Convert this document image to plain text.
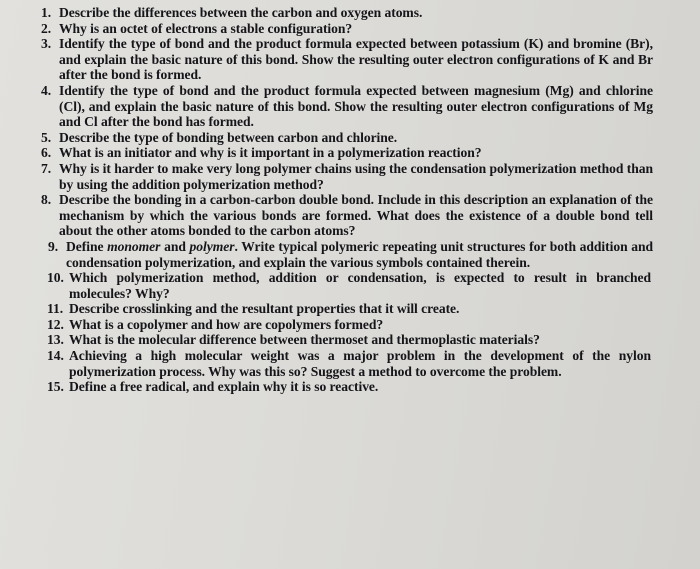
1. Describe the differences between the carbon and oxygen atoms.
2. Why is an octet of electrons a stable configuration?
3. Identify the type of bond and the product formula expected between potassium (K) and bromine (Br), and explain the basic nature of this bond. Show the resulting outer electron configurations of K and Br after the bond is formed.
4. Identify the type of bond and the product formula expected between magnesium (Mg) and chlorine (Cl), and explain the basic nature of this bond. Show the resulting outer electron configurations of Mg and Cl after the bond has formed.
5. Describe the type of bonding between carbon and chlorine.
6. What is an initiator and why is it important in a polymerization reaction?
7. Why is it harder to make very long polymer chains using the condensation polymerization method than by using the addition polymerization method?
8. Describe the bonding in a carbon-carbon double bond. Include in this description an explanation of the mechanism by which the various bonds are formed. What does the existence of a double bond tell about the other atoms bonded to the carbon atoms?
9. Define monomer and polymer. Write typical polymeric repeating unit structures for both addition and condensation polymerization, and explain the various symbols contained therein.
10. Which polymerization method, addition or condensation, is expected to result in branched molecules? Why?
11. Describe crosslinking and the resultant properties that it will create.
12. What is a copolymer and how are copolymers formed?
13. What is the molecular difference between thermoset and thermoplastic materials?
14. Achieving a high molecular weight was a major problem in the development of the nylon polymerization process. Why was this so? Suggest a method to overcome the problem.
15. Define a free radical, and explain why it is so reactive.
